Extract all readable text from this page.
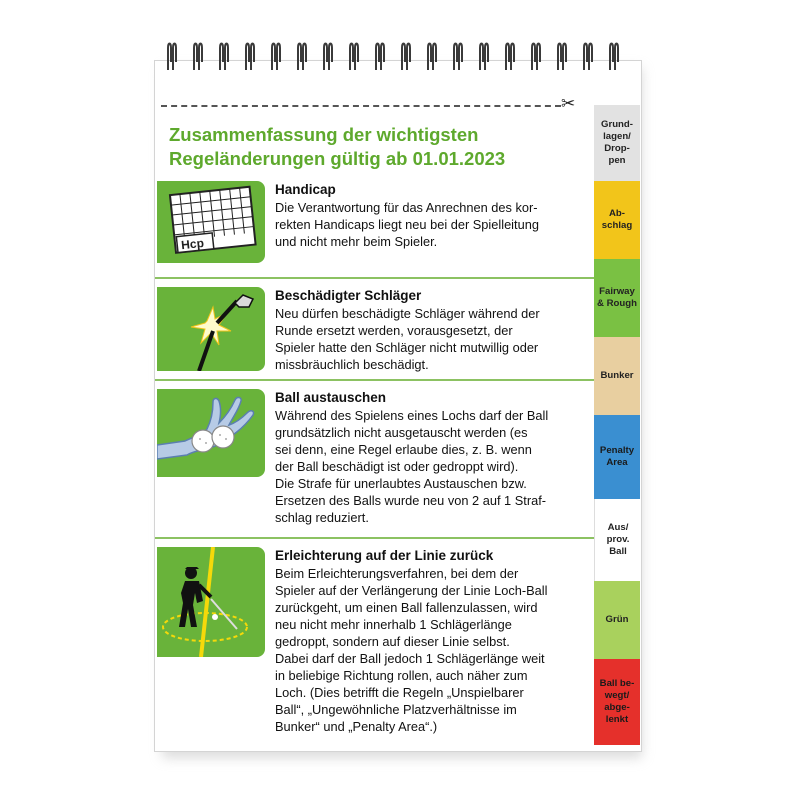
✂
Zusammenfassung der wichtigsten
Regeländerungen gültig ab 01.01.2023
Hcp
Handicap

Die Verantwortung für das Anrechnen des kor-

rekten Handicaps liegt neu bei der Spielleitung

und nicht mehr beim Spieler.

Beschädigter Schläger

Neu dürfen beschädigte Schläger während der

Runde ersetzt werden, vorausgesetzt, der

Spieler hatte den Schläger nicht mutwillig oder

missbräuchlich beschädigt.

Ball austauschen

Während des Spielens eines Lochs darf der Ball

grundsätzlich nicht ausgetauscht werden (es

sei denn, eine Regel erlaube dies, z. B. wenn

der Ball beschädigt ist oder gedroppt wird).

Die Strafe für unerlaubtes Austauschen bzw.

Ersetzen des Balls wurde neu von 2 auf 1 Straf-

schlag reduziert.

Erleichterung auf der Linie zurück

Beim Erleichterungsverfahren, bei dem der

Spieler auf der Verlängerung der Linie Loch-Ball

zurückgeht, um einen Ball fallenzulassen, wird

neu nicht mehr innerhalb 1 Schlägerlänge

gedroppt, sondern auf dieser Linie selbst.

Dabei darf der Ball jedoch 1 Schlägerlänge weit

in beliebige Richtung rollen, auch näher zum

Loch. (Dies betrifft die Regeln „Unspielbarer

Ball“, „Ungewöhnliche Platzverhältnisse im

Bunker“ und „Penalty Area“.)

Grund-
lagen/
Drop-
pen
Ab-
schlag
Fairway
& Rough
Bunker
Penalty
Area
Aus/
prov.
Ball
Grün
Ball be-
wegt/
abge-
lenkt
